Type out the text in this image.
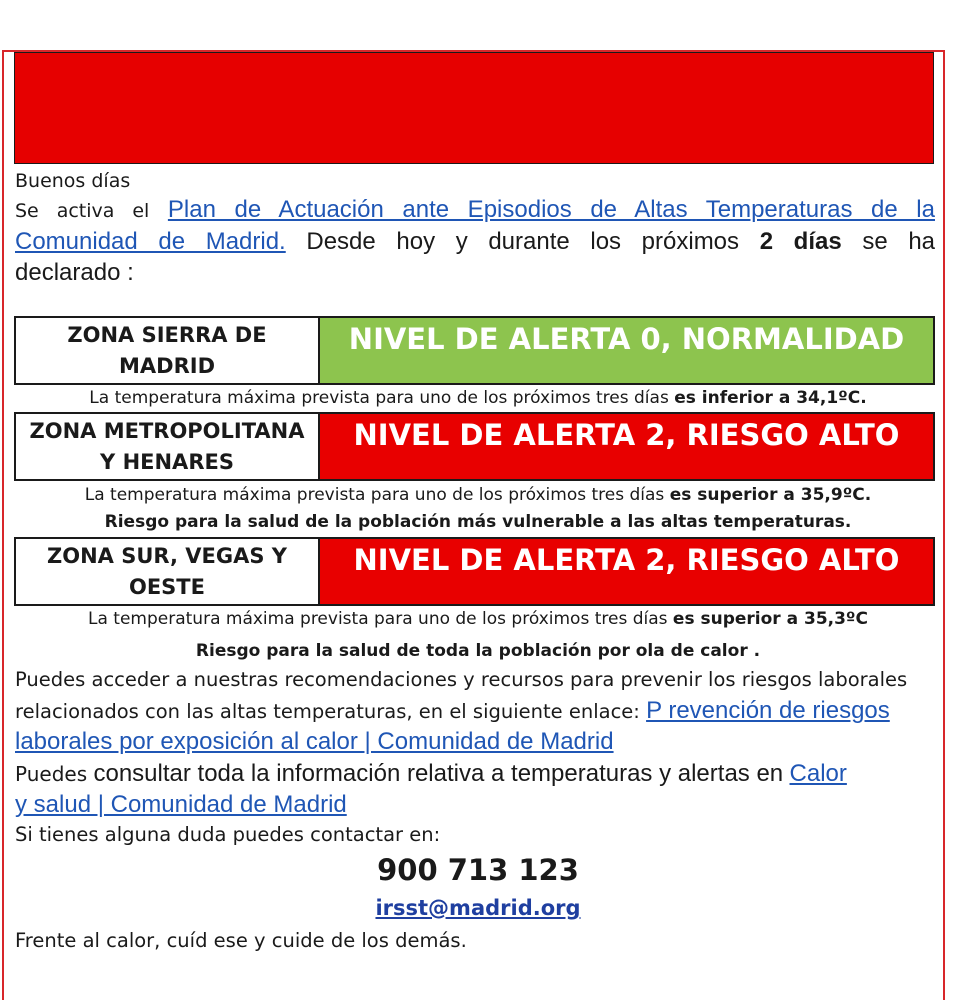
Buenos días
Se activa el Plan de Actuación ante Episodios de Altas Temperaturas de la
Comunidad de Madrid. Desde hoy y durante los próximos 2 días se ha
declarado :
ZONA SIERRA DE
MADRID
NIVEL DE ALERTA 0, NORMALIDAD
La temperatura máxima prevista para uno de los próximos tres días es inferior a 34,1ºC.
ZONA METROPOLITANA
Y HENARES
NIVEL DE ALERTA 2, RIESGO ALTO
La temperatura máxima prevista para uno de los próximos tres días es superior a 35,9ºC.
Riesgo para la salud de la población más vulnerable a las altas temperaturas.
ZONA SUR, VEGAS Y
OESTE
NIVEL DE ALERTA 2, RIESGO ALTO
La temperatura máxima prevista para uno de los próximos tres días es superior a 35,3ºC
Riesgo para la salud de toda la población por ola de calor .
Puedes acceder a nuestras recomendaciones y recursos para prevenir los riesgos laborales
relacionados con las altas temperaturas, en el siguiente enlace: P revención de riesgos
laborales por exposición al calor | Comunidad de Madrid
Puedes consultar toda la información relativa a temperaturas y alertas en Calor
y salud | Comunidad de Madrid
Si tienes alguna duda puedes contactar en:
900 713 123
irsst@madrid.org
Frente al calor, cuíd ese y cuide de los demás.
